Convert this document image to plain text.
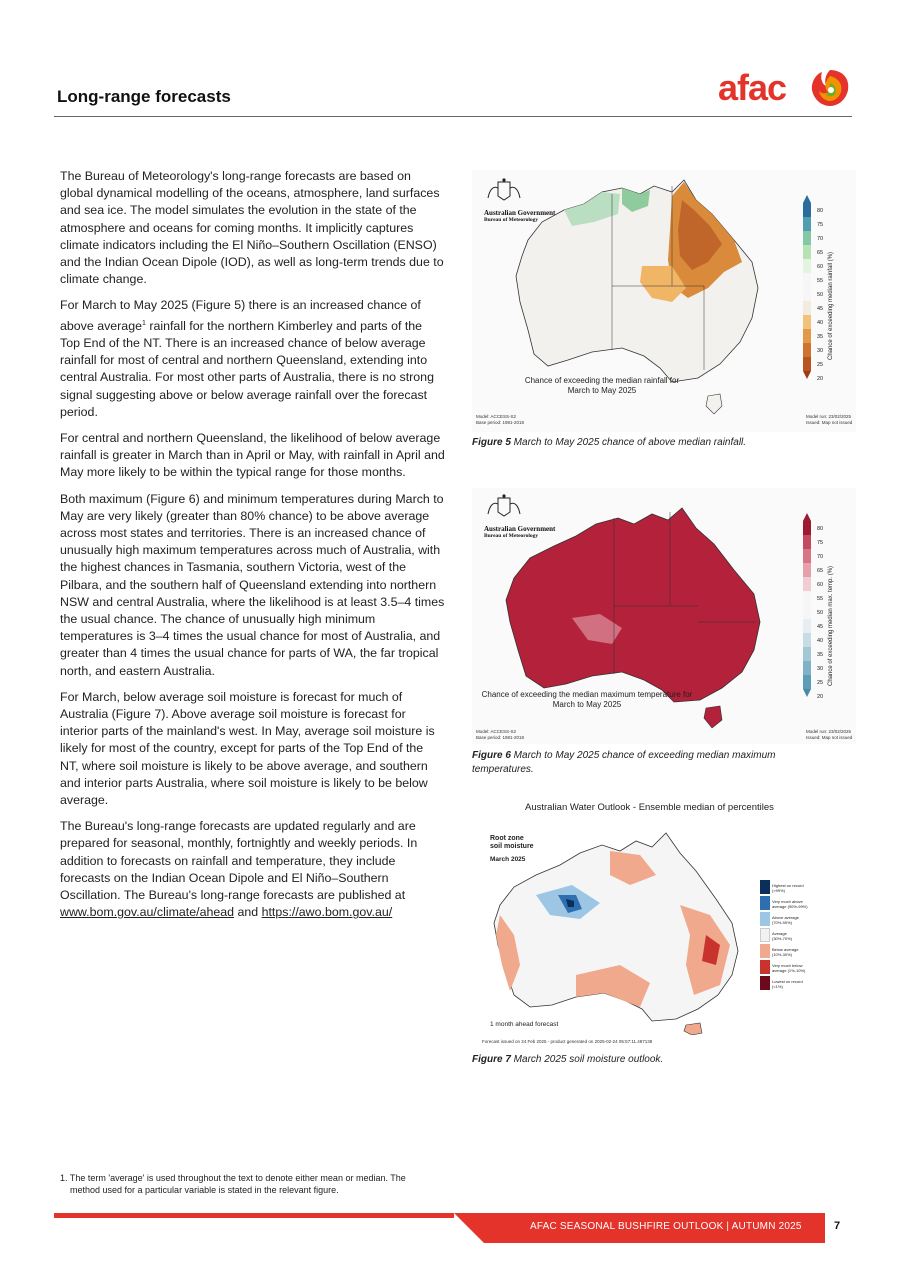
Long-range forecasts	afac

The Bureau of Meteorology's long-range forecasts are based on global dynamical modelling of the oceans, atmosphere, land surfaces and sea ice. The model simulates the evolution in the state of the atmosphere and oceans for coming months. It implicitly captures climate indicators including the El Niño–Southern Oscillation (ENSO) and the Indian Ocean Dipole (IOD), as well as long-term trends due to climate change.

For March to May 2025 (Figure 5) there is an increased chance of above average$^1$ rainfall for the northern Kimberley and parts of the Top End of the NT. There is an increased chance of below average rainfall for most of central and northern Queensland, extending into central Australia. For most other parts of Australia, there is no strong signal suggesting above or below average rainfall over the forecast period.

For central and northern Queensland, the likelihood of below average rainfall is greater in March than in April or May, with rainfall in April and May more likely to be within the typical range for those months.

Both maximum (Figure 6) and minimum temperatures during March to May are very likely (greater than 80% chance) to be above average across most states and territories. There is an increased chance of unusually high maximum temperatures across much of Australia, with the highest chances in Tasmania, southern Victoria, west of the Pilbara, and the southern half of Queensland extending into northern NSW and central Australia, where the likelihood is at least 3.5–4 times the usual chance. The chance of unusually high minimum temperatures is 3–4 times the usual chance for most of Australia, and greater than 4 times the usual chance for parts of WA, the far tropical north, and eastern Australia.

For March, below average soil moisture is forecast for much of Australia (Figure 7). Above average soil moisture is forecast for interior parts of the mainland's west. In May, average soil moisture is likely for most of the country, except for parts of the Top End of the NT, where soil moisture is likely to be above average, and southern and interior parts Australia, where soil moisture is likely to be below average.

The Bureau's long-range forecasts are updated regularly and are prepared for seasonal, monthly, fortnightly and weekly periods. In addition to forecasts on rainfall and temperature, they include forecasts on the Indian Ocean Dipole and El Niño–Southern Oscillation. The Bureau's long-range forecasts are published at www.bom.gov.au/climate/ahead and https://awo.bom.gov.au/

Australian Government
Bureau of Meteorology
Chance of exceeding the median rainfall for
March to May 2025
Model: ACCESS-S2
Base period: 1981-2018
Model run: 23/02/2025
Issued: Map not issued
80
75
70
65
60
55
50
45
40
35
30
25
20
Chance of exceeding median rainfall (%)
Figure 5 March to May 2025 chance of above median rainfall.
Australian Government
Bureau of Meteorology
Chance of exceeding the median maximum temperature for
March to May 2025
Model: ACCESS-S2
Base period: 1981-2018
Model run: 23/02/2025
Issued: Map not issued
80
75
70
65
60
55
50
45
40
35
30
25
20
Chance of exceeding median max. temp. (%)
Figure 6 March to May 2025 chance of exceeding median maximum
temperatures.
Australian Water Outlook - Ensemble median of percentiles
Root zone
soil moisture
March 2025
1 month ahead forecast
Forecast issued on 24 Feb 2025 - product generated on 2025-02-24 05:57:11.487138
Highest on record
(>99%)
Very much above
average (90%-99%)
Above average
(70%-90%)
Average
(30%-70%)
Below average
(10%-30%)
Very much below
average (1%-10%)
Lowest on record
(<1%)
Figure 7 March 2025 soil moisture outlook.
1. The term 'average' is used throughout the text to denote either mean or median. The
method used for a particular variable is stated in the relevant figure.
AFAC SEASONAL BUSHFIRE OUTLOOK | AUTUMN 2025	7
